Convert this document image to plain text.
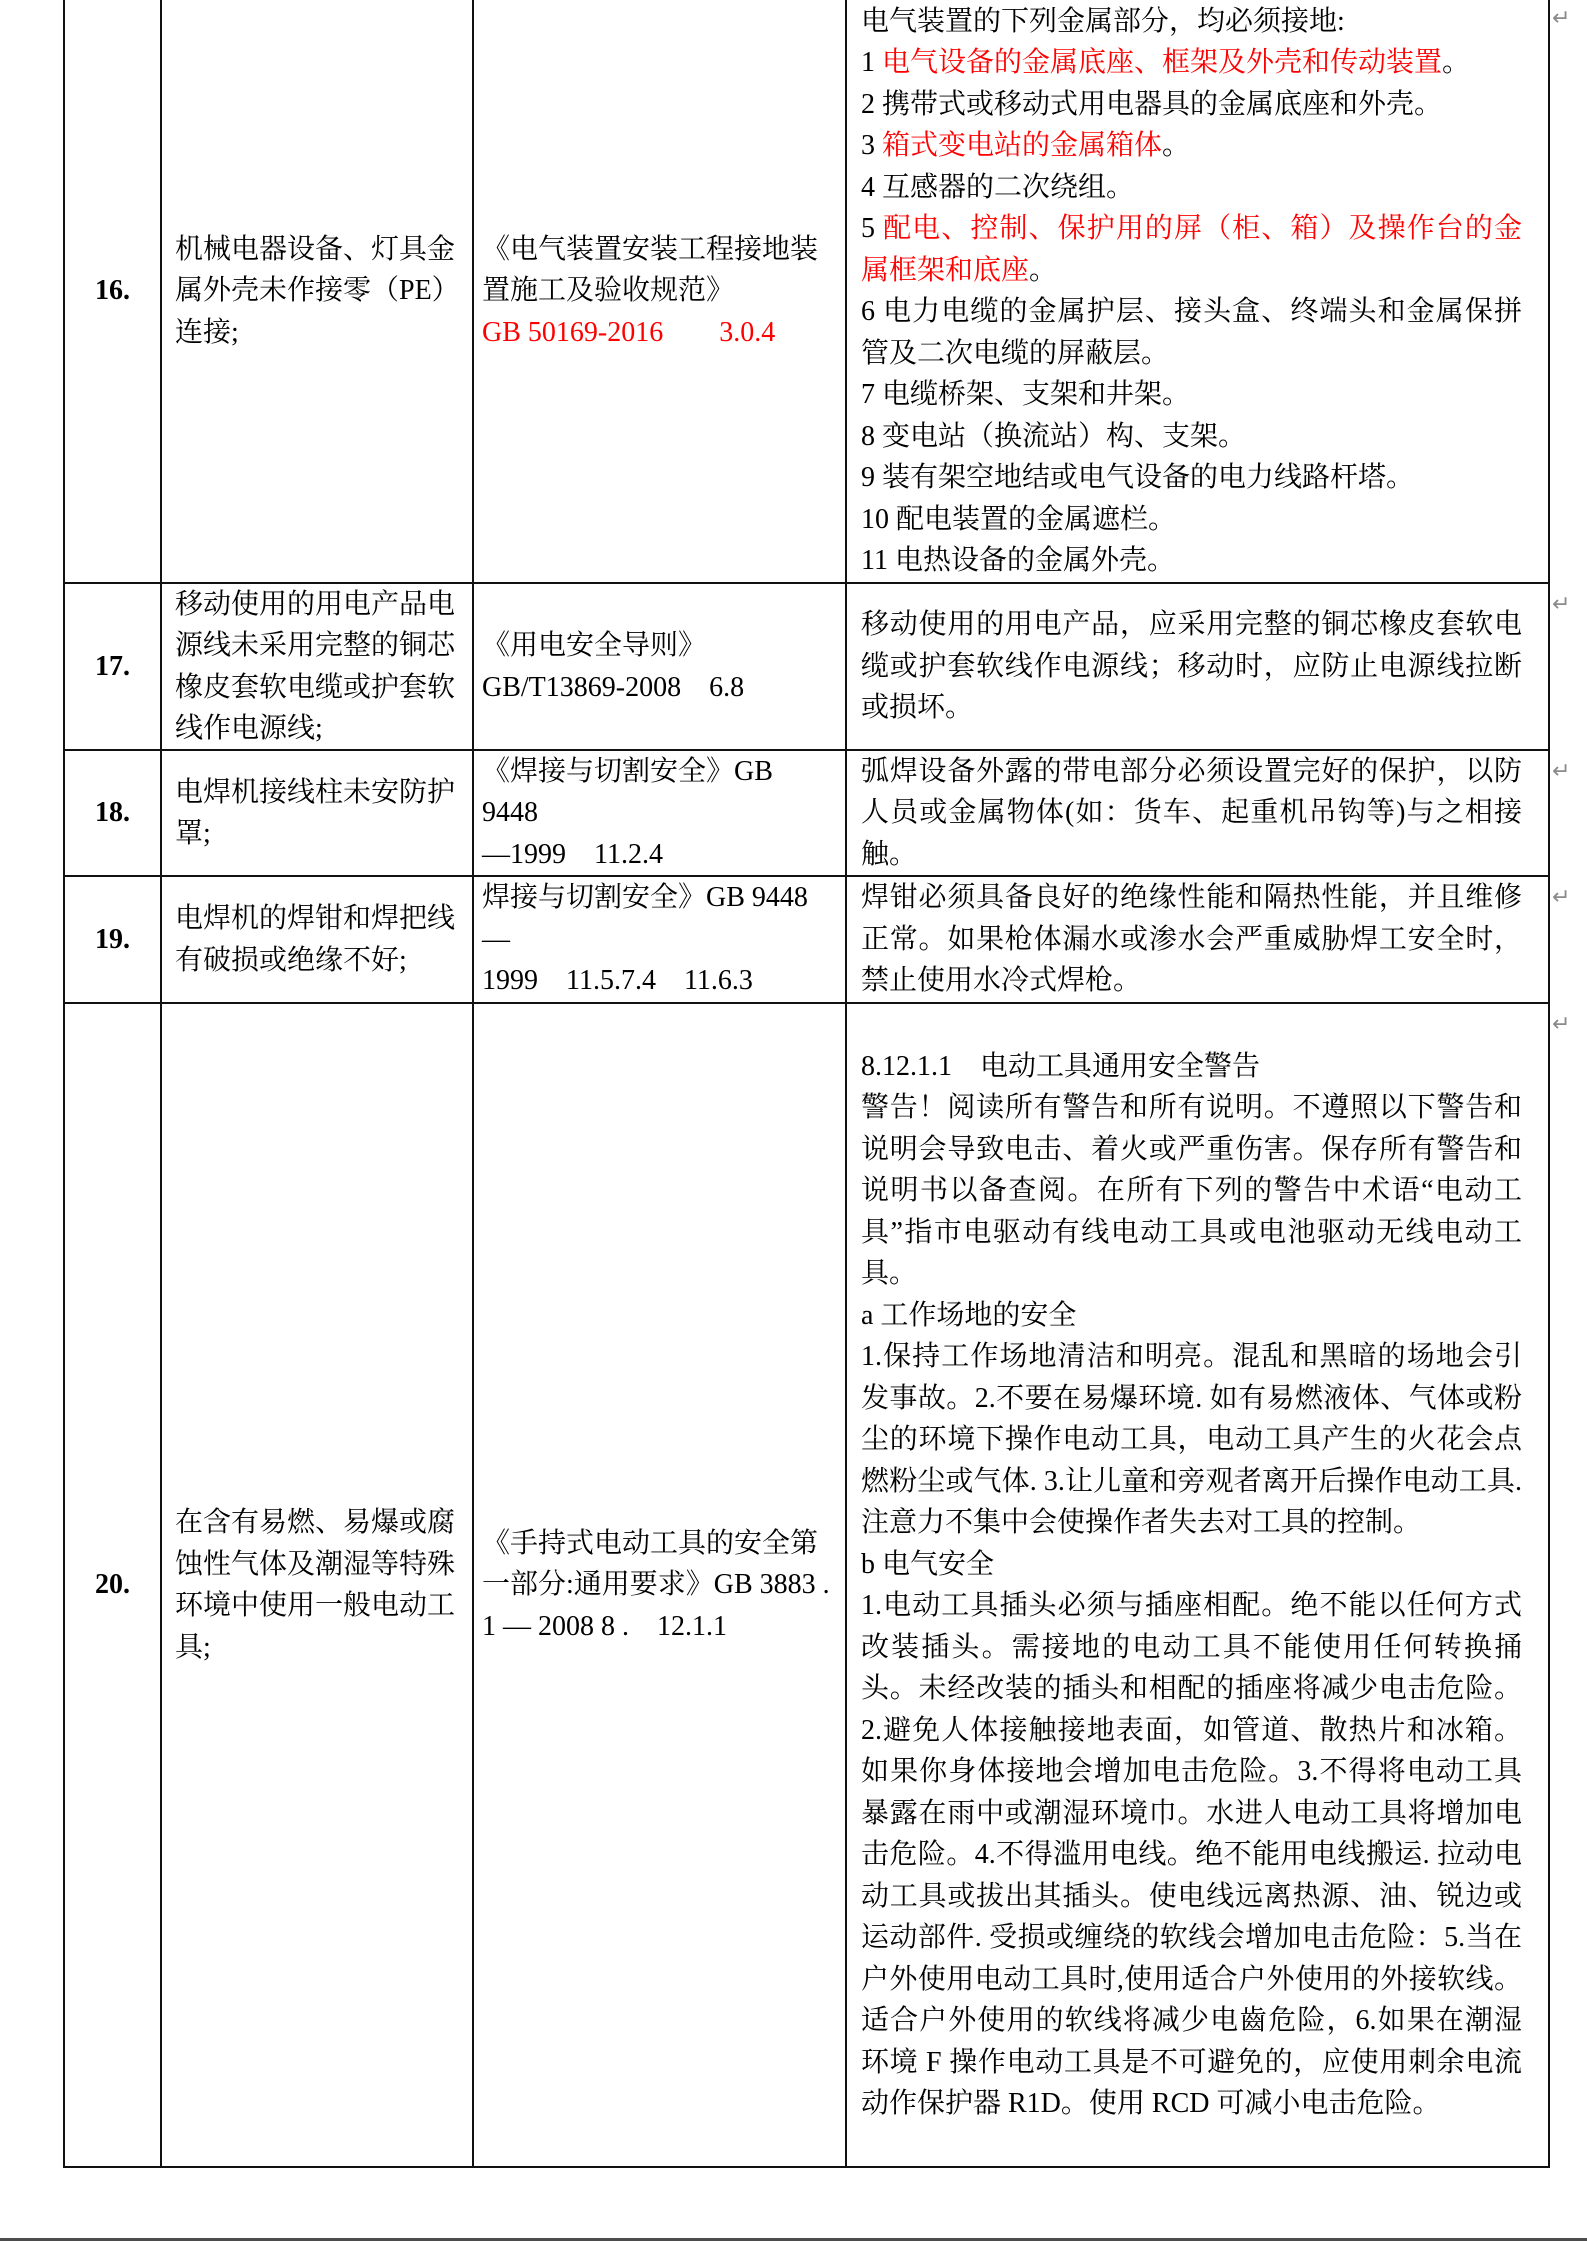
16.

机械电器设备、灯具金属外壳未作接零（PE）连接;

《电气装置安装工程接地装置施工及验收规范》

GB 50169-2016　　3.0.4

电气装置的下列金属部分，均必须接地:

1 电气设备的金属底座、框架及外壳和传动装置。

2 携带式或移动式用电器具的金属底座和外壳。

3 箱式变电站的金属箱体。

4 互感器的二次绕组。

5 配电、控制、保护用的屏（柜、箱）及操作台的金属框架和底座。

6 电力电缆的金属护层、接头盒、终端头和金属保拼管及二次电缆的屏蔽层。

7 电缆桥架、支架和井架。

8 变电站（换流站）构、支架。

9 装有架空地结或电气设备的电力线路杆塔。

10 配电装置的金属遮栏。

11 电热设备的金属外壳。

17.

移动使用的用电产品电源线未采用完整的铜芯橡皮套软电缆或护套软线作电源线;

《用电安全导则》

GB/T13869-2008　6.8

移动使用的用电产品，应采用完整的铜芯橡皮套软电缆或护套软线作电源线；移动时，应防止电源线拉断或损坏。

18.

电焊机接线柱未安防护罩;

《焊接与切割安全》GB 9448

—1999　11.2.4

弧焊设备外露的带电部分必须设置完好的保护，以防人员或金属物体(如：货车、起重机吊钩等)与之相接触。

19.

电焊机的焊钳和焊把线有破损或绝缘不好;

焊接与切割安全》GB 9448—

1999　11.5.7.4　11.6.3

焊钳必须具备良好的绝缘性能和隔热性能，并且维修正常。如果枪体漏水或渗水会严重威胁焊工安全时，禁止使用水冷式焊枪。

20.

在含有易燃、易爆或腐蚀性气体及潮湿等特殊环境中使用一般电动工具;

《手持式电动工具的安全第

一部分:通用要求》GB 3883 .

1 — 2008 8 .　12.1.1

8.12.1.1　电动工具通用安全警告

警告！阅读所有警告和所有说明。不遵照以下警告和说明会导致电击、着火或严重伤害。保存所有警告和说明书以备查阅。在所有下列的警告中术语“电动工具”指市电驱动有线电动工具或电池驱动无线电动工具。

a 工作场地的安全

1.保持工作场地清洁和明亮。混乱和黑暗的场地会引发事故。2.不要在易爆环境. 如有易燃液体、气体或粉尘的环境下操作电动工具，电动工具产生的火花会点燃粉尘或气体. 3.让儿童和旁观者离开后操作电动工具. 注意力不集中会使操作者失去对工具的控制。

b 电气安全

1.电动工具插头必须与插座相配。绝不能以任何方式改装插头。需接地的电动工具不能使用任何转换捅头。未经改装的插头和相配的插座将减少电击危险。2.避免人体接触接地表面，如管道、散热片和冰箱。如果你身体接地会增加电击危险。3.不得将电动工具暴露在雨中或潮湿环境巾。水进人电动工具将增加电击危险。4.不得滥用电线。绝不能用电线搬运. 拉动电动工具或拔出其插头。使电线远离热源、油、锐边或运动部件. 受损或缠绕的软线会增加电击危险：5.当在户外使用电动工具时,使用适合户外使用的外接软线。适合户外使用的软线将减少电齒危险，6.如果在潮湿环境 F 操作电动工具是不可避免的，应使用刺余电流动作保护器 R1D。使用 RCD 可减小电击危险。

↵
↵
↵
↵
↵
